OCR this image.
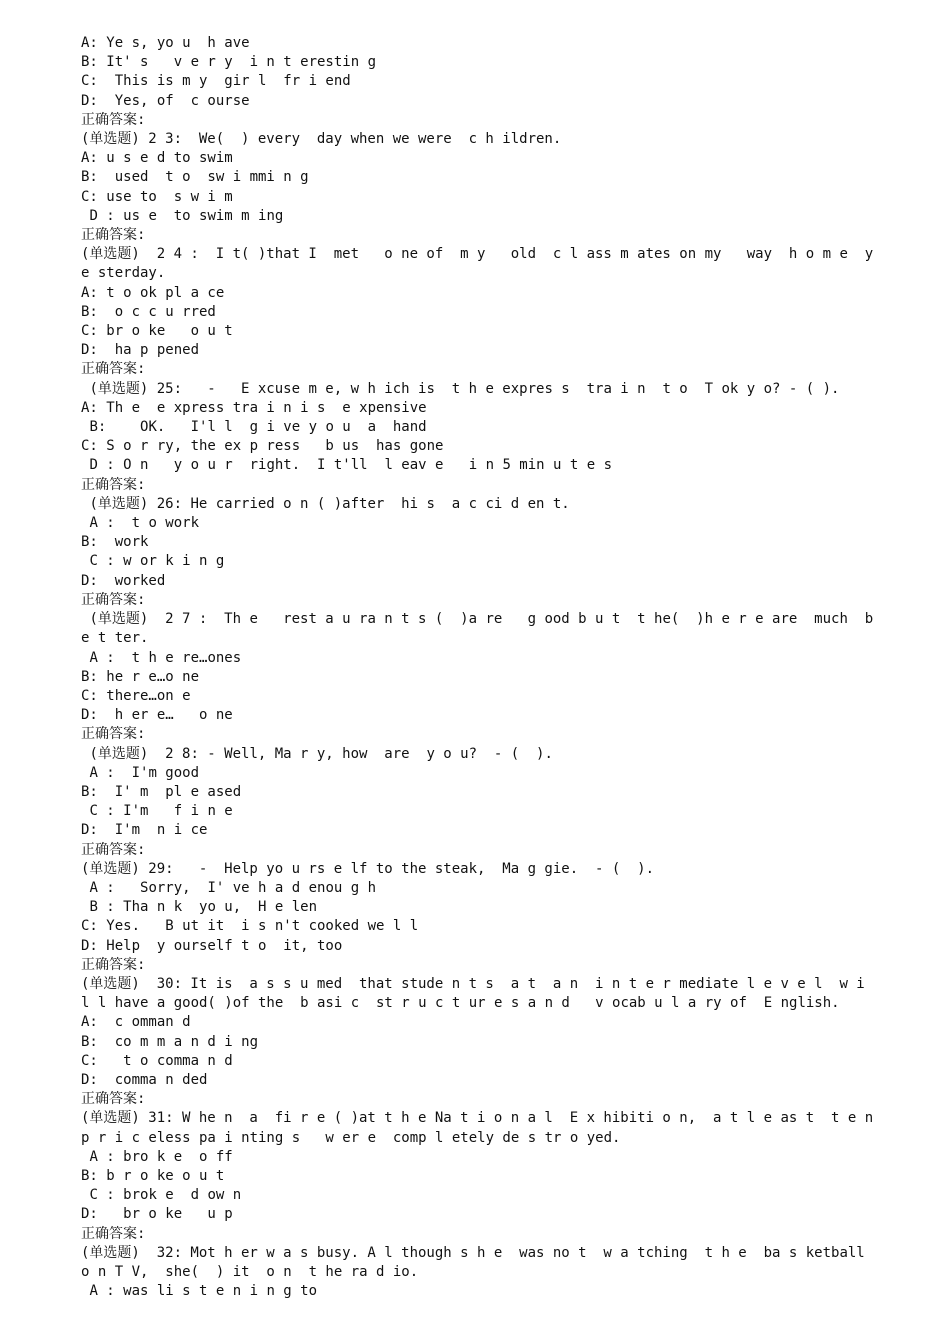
A: Ye s, yo u  h ave
B: It' s   v e r y  i n t erestin g
C:  This is m y  gir l  fr i end
D:  Yes, of  c ourse
正确答案:
(单选题) 2 3:  We(  ) every  day when we were  c h ildren.
A: u s e d to swim
B:  used  t o  sw i mmi n g
C: use to  s w i m
D : us e  to swim m ing
正确答案:
(单选题)  2 4 :  I t( )that I  met   o ne of  m y   old  c l ass m ates on my   way  h o m e  y e sterday.
A: t o ok pl a ce
B:  o c c u rred
C: br o ke   o u t
D:  ha p pened
正确答案:
(单选题) 25:   -   E xcuse m e, w h ich is  t h e expres s  tra i n  t o  T ok y o? - ( ).
A: Th e  e xpress tra i n i s  e xpensive
B:    OK.   I'l l  g i ve y o u  a  hand
C: S o r ry, the ex p ress   b us  has gone
D : O n   y o u r  right.  I t'll  l eav e   i n 5 min u t e s
正确答案:
(单选题) 26: He carried o n ( )after  hi s  a c ci d en t.
A :  t o work
B:  work
C : w or k i n g
D:  worked
正确答案:
(单选题)  2 7 :  Th e   rest a u ra n t s (  )a re   g ood b u t  t he(  )h e r e are  much  be t ter.
A :  t h e re…ones
B: he r e…o ne
C: there…on e
D:  h er e…   o ne
正确答案:
(单选题)  2 8: - Well, Ma r y, how  are  y o u?  - (  ).
A :  I'm good
B:  I' m  pl e ased
C : I'm   f i n e
D:  I'm  n i ce
正确答案:
(单选题) 29:   -  Help yo u rs e lf to the steak,  Ma g gie.  - (  ).
A :   Sorry,  I' ve h a d enou g h
B : Tha n k  yo u,  H e len
C: Yes.   B ut it  i s n't cooked we l l
D: Help  y ourself t o  it, too
正确答案:
(单选题)  30: It is  a s s u med  that stude n t s  a t  a n  i n t e r mediate l e v e l  w i l l have a good( )of the  b asi c  st r u c t ur e s a n d   v ocab u l a ry of  E nglish.
A:  c omman d
B:  co m m a n d i ng
C:   t o comma n d
D:  comma n ded
正确答案:
(单选题) 31: W he n  a  fi r e ( )at t h e Na t i o n a l  E x hibiti o n,  a t l e as t  t e n  p r i c eless pa i nting s   w er e  comp l etely de s tr o yed.
A : bro k e  o ff
B: b r o ke o u t
C : brok e  d ow n
D:   br o ke   u p
正确答案:
(单选题)  32: Mot h er w a s busy. A l though s h e  was no t  w a tching  t h e  ba s ketball  o n T V,  she(  ) it  o n  t he ra d io.
A : was li s t e n i n g to
